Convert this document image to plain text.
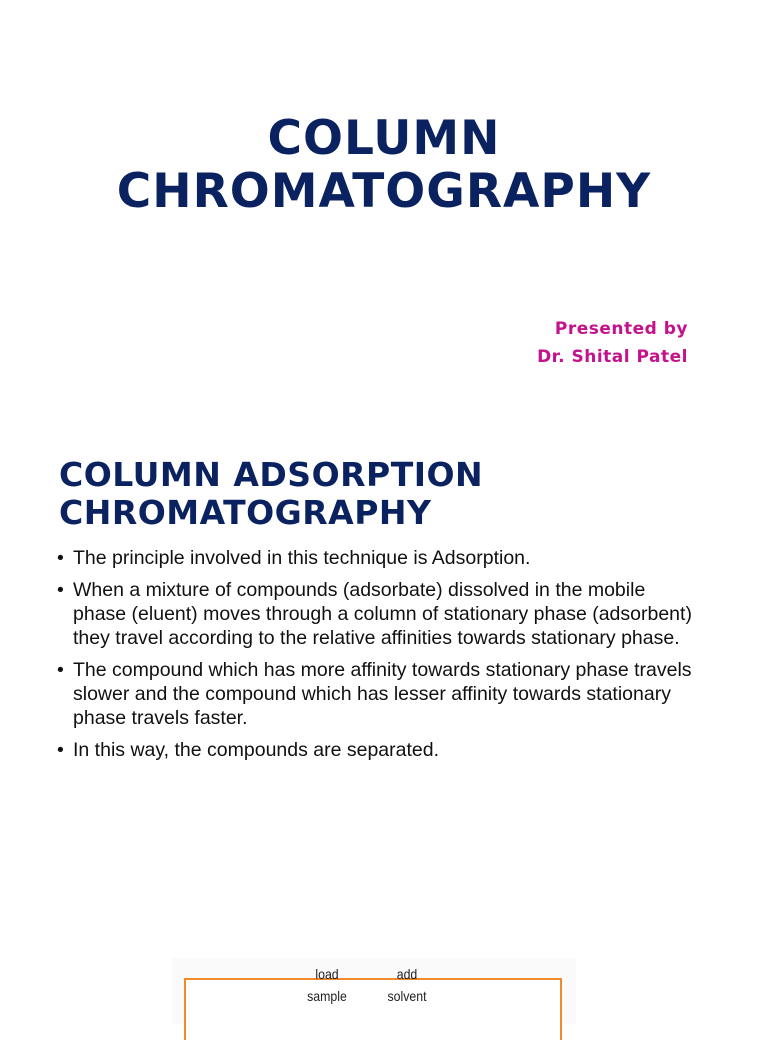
COLUMN
CHROMATOGRAPHY
Presented by
Dr. Shital Patel
COLUMN ADSORPTION
CHROMATOGRAPHY
• The principle involved in this technique is Adsorption.
• When a mixture of compounds (adsorbate) dissolved in the mobile phase (eluent) moves through a column of stationary phase (adsorbent) they travel according to the relative affinities towards stationary phase.
• The compound which has more affinity towards stationary phase travels slower and the compound which has lesser affinity towards stationary phase travels faster.
• In this way, the compounds are separated.
load
sample
add
solvent
